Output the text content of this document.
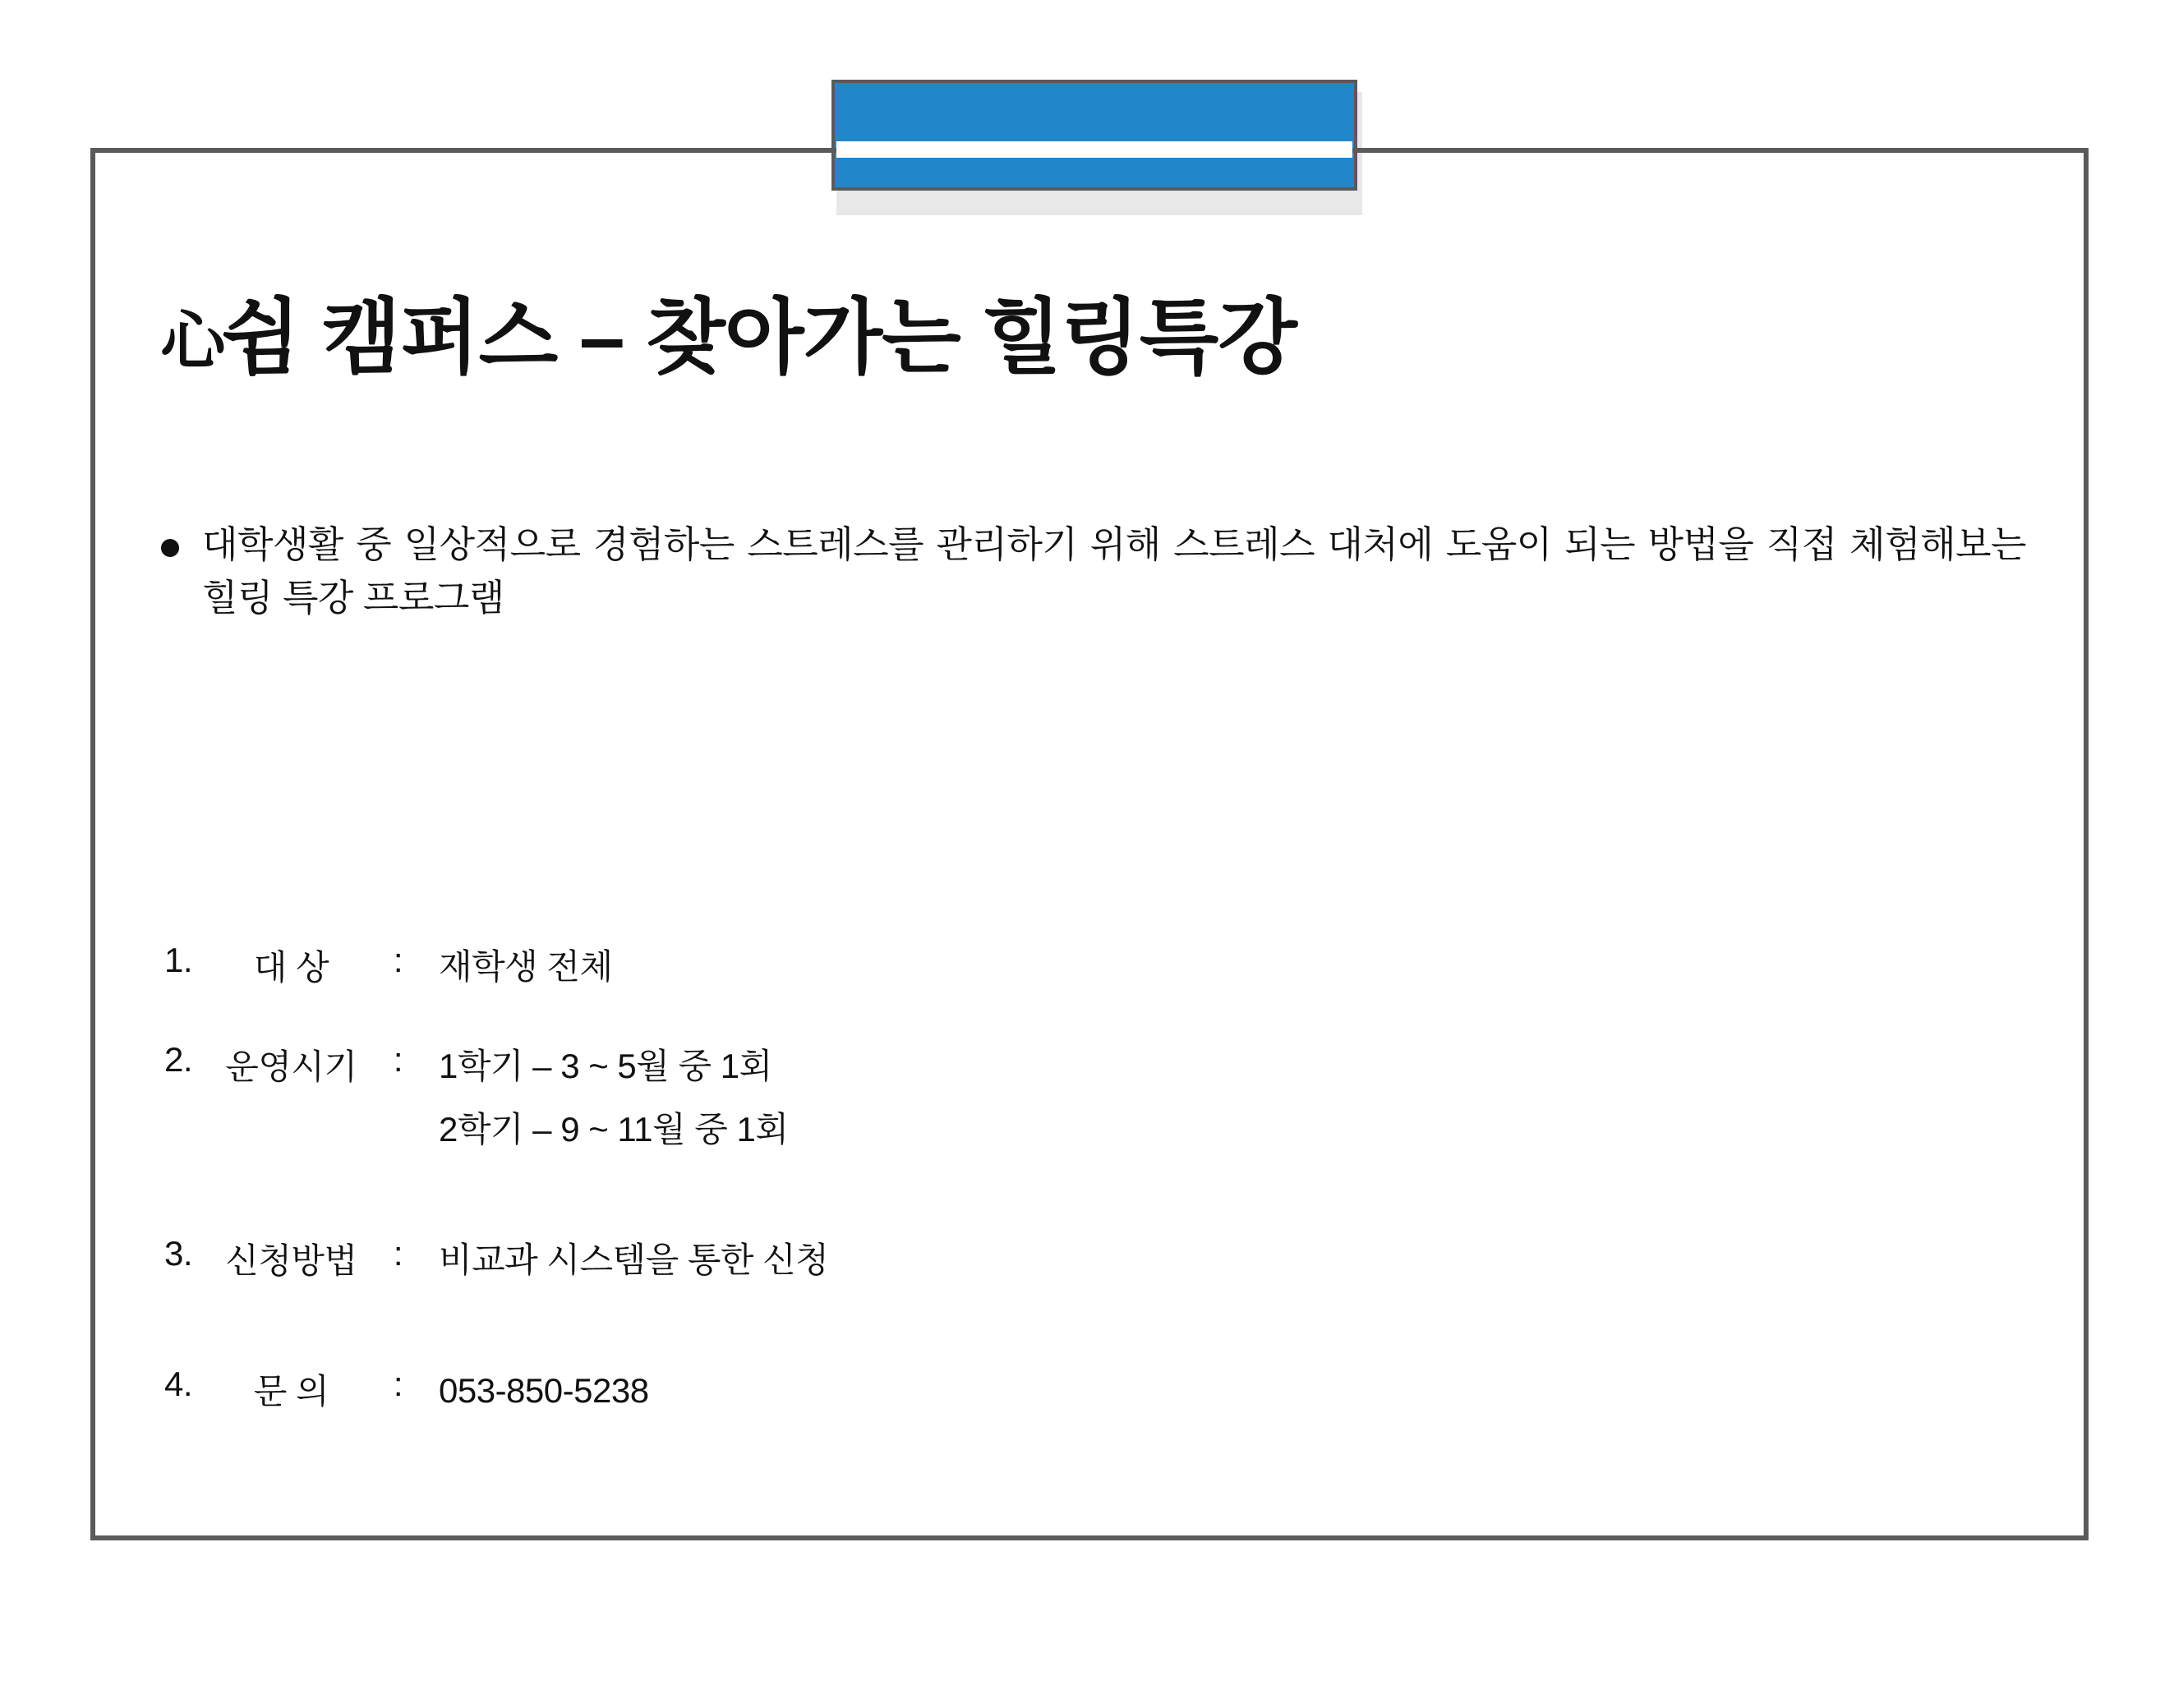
心쉼 캠퍼스 – 찾아가는 힐링특강
대학생활 중 일상적으로 경험하는 스트레스를 관리하기 위해 스트레스 대처에 도움이 되는 방법을 직접 체험해보는 힐링 특강 프로그램
1. 대 상 : 재학생 전체
2. 운영시기 : 1학기 – 3 ~ 5월 중 1회
2학기 – 9 ~ 11월 중 1회
3. 신청방법 : 비교과 시스템을 통한 신청
4. 문 의 : 053-850-5238
